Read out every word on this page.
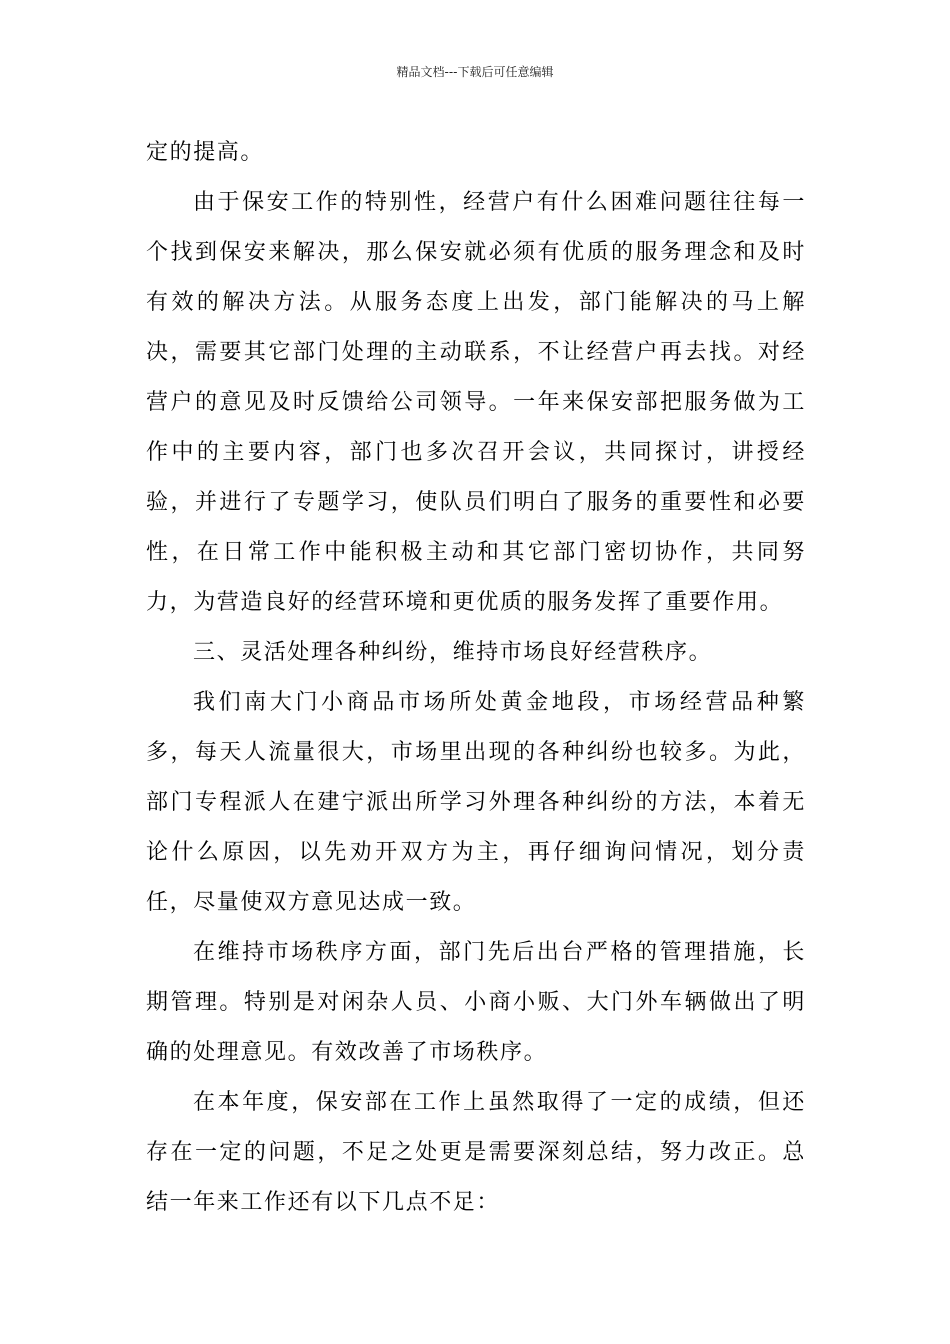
精品文档---下载后可任意编辑

定的提高。

由于保安工作的特别性，经营户有什么困难问题往往每一个找到保安来解决，那么保安就必须有优质的服务理念和及时有效的解决方法。从服务态度上出发，部门能解决的马上解决，需要其它部门处理的主动联系，不让经营户再去找。对经营户的意见及时反馈给公司领导。一年来保安部把服务做为工作中的主要内容，部门也多次召开会议，共同探讨，讲授经验，并进行了专题学习，使队员们明白了服务的重要性和必要性，在日常工作中能积极主动和其它部门密切协作，共同努力，为营造良好的经营环境和更优质的服务发挥了重要作用。

三、灵活处理各种纠纷，维持市场良好经营秩序。

我们南大门小商品市场所处黄金地段，市场经营品种繁多，每天人流量很大，市场里出现的各种纠纷也较多。为此，部门专程派人在建宁派出所学习外理各种纠纷的方法，本着无论什么原因，以先劝开双方为主，再仔细询问情况，划分责任，尽量使双方意见达成一致。

在维持市场秩序方面，部门先后出台严格的管理措施，长期管理。特别是对闲杂人员、小商小贩、大门外车辆做出了明确的处理意见。有效改善了市场秩序。

在本年度，保安部在工作上虽然取得了一定的成绩，但还存在一定的问题，不足之处更是需要深刻总结，努力改正。总结一年来工作还有以下几点不足：
